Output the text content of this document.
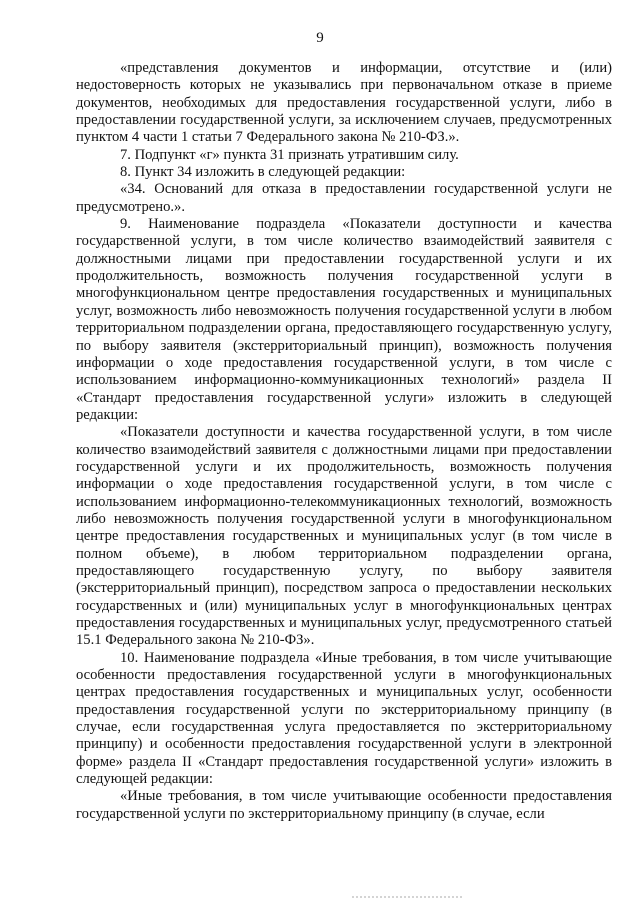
9

«представления документов и информации, отсутствие и (или) недостоверность которых не указывались при первоначальном отказе в приеме документов, необходимых для предоставления государственной услуги, либо в предоставлении государственной услуги, за исключением случаев, предусмотренных пунктом 4 части 1 статьи 7 Федерального закона № 210-ФЗ.».

7. Подпункт «г» пункта 31 признать утратившим силу.

8. Пункт 34 изложить в следующей редакции:

«34. Оснований для отказа в предоставлении государственной услуги не предусмотрено.».

9. Наименование подраздела «Показатели доступности и качества государственной услуги, в том числе количество взаимодействий заявителя с должностными лицами при предоставлении государственной услуги и их продолжительность, возможность получения государственной услуги в многофункциональном центре предоставления государственных и муниципальных услуг, возможность либо невозможность получения государственной услуги в любом территориальном подразделении органа, предоставляющего государственную услугу, по выбору заявителя (экстерриториальный принцип), возможность получения информации о ходе предоставления государственной услуги, в том числе с использованием информационно-коммуникационных технологий» раздела II «Стандарт предоставления государственной услуги» изложить в следующей редакции:

«Показатели доступности и качества государственной услуги, в том числе количество взаимодействий заявителя с должностными лицами при предоставлении государственной услуги и их продолжительность, возможность получения информации о ходе предоставления государственной услуги, в том числе с использованием информационно-телекоммуникационных технологий, возможность либо невозможность получения государственной услуги в многофункциональном центре предоставления государственных и муниципальных услуг (в том числе в полном объеме), в любом территориальном подразделении органа, предоставляющего государственную услугу, по выбору заявителя (экстерриториальный принцип), посредством запроса о предоставлении нескольких государственных и (или) муниципальных услуг в многофункциональных центрах предоставления государственных и муниципальных услуг, предусмотренного статьей 15.1 Федерального закона № 210-ФЗ».

10. Наименование подраздела «Иные требования, в том числе учитывающие особенности предоставления государственной услуги в многофункциональных центрах предоставления государственных и муниципальных услуг, особенности предоставления государственной услуги по экстерриториальному принципу (в случае, если государственная услуга предоставляется по экстерриториальному принципу) и особенности предоставления государственной услуги в электронной форме» раздела II «Стандарт предоставления государственной услуги» изложить в следующей редакции:

«Иные требования, в том числе учитывающие особенности предоставления государственной услуги по экстерриториальному принципу (в случае, если
